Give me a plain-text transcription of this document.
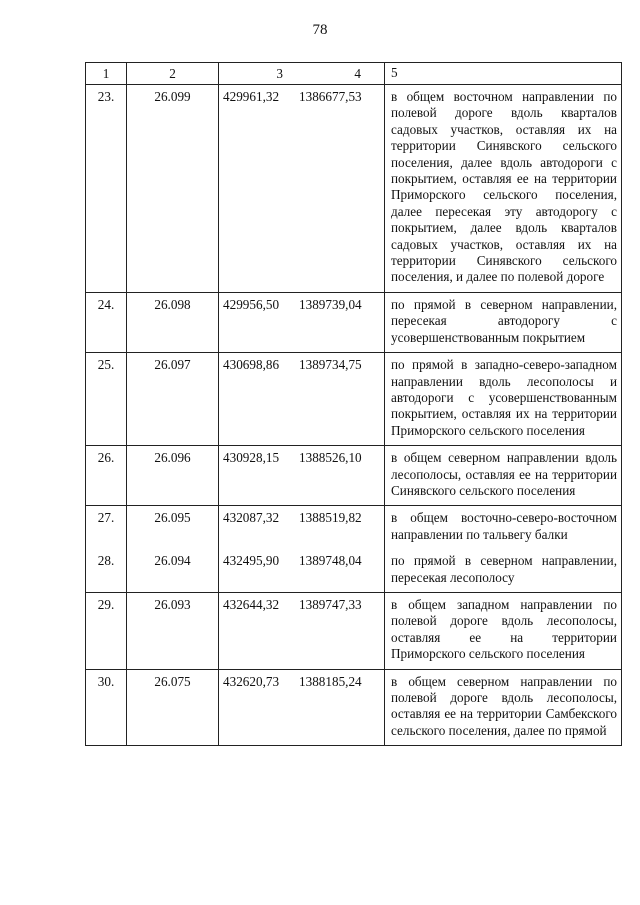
78
1	2	3 4	5
23.	26.099	429961,32 1386677,53	в общем восточном направлении по полевой дороге вдоль кварталов садовых участков, оставляя их на территории Синявского сельского поселения, далее вдоль автодороги с покрытием, оставляя ее на территории Приморского сельского поселения, далее пересекая эту автодорогу с покрытием, далее вдоль кварталов садовых участков, оставляя их на территории Синявского сельского поселения, и далее по полевой дороге
24.	26.098	429956,50 1389739,04	по прямой в северном направлении, пересекая автодорогу с усовершенствованным покрытием
25.	26.097	430698,86 1389734,75	по прямой в западно-северо-западном направлении вдоль лесополосы и автодороги с усовершенствованным покрытием, оставляя их на территории Приморского сельского поселения
26.	26.096	430928,15 1388526,10	в общем северном направлении вдоль лесополосы, оставляя ее на территории Синявского сельского поселения
27.	26.095	432087,32 1388519,82	в общем восточно-северо-восточном направлении по тальвегу балки
28.	26.094	432495,90 1389748,04	по прямой в северном направлении, пересекая лесополосу
29.	26.093	432644,32 1389747,33	в общем западном направлении по полевой дороге вдоль лесополосы, оставляя ее на территории Приморского сельского поселения
30.	26.075	432620,73 1388185,24	в общем северном направлении по полевой дороге вдоль лесополосы, оставляя ее на территории Самбекского сельского поселения, далее по прямой
